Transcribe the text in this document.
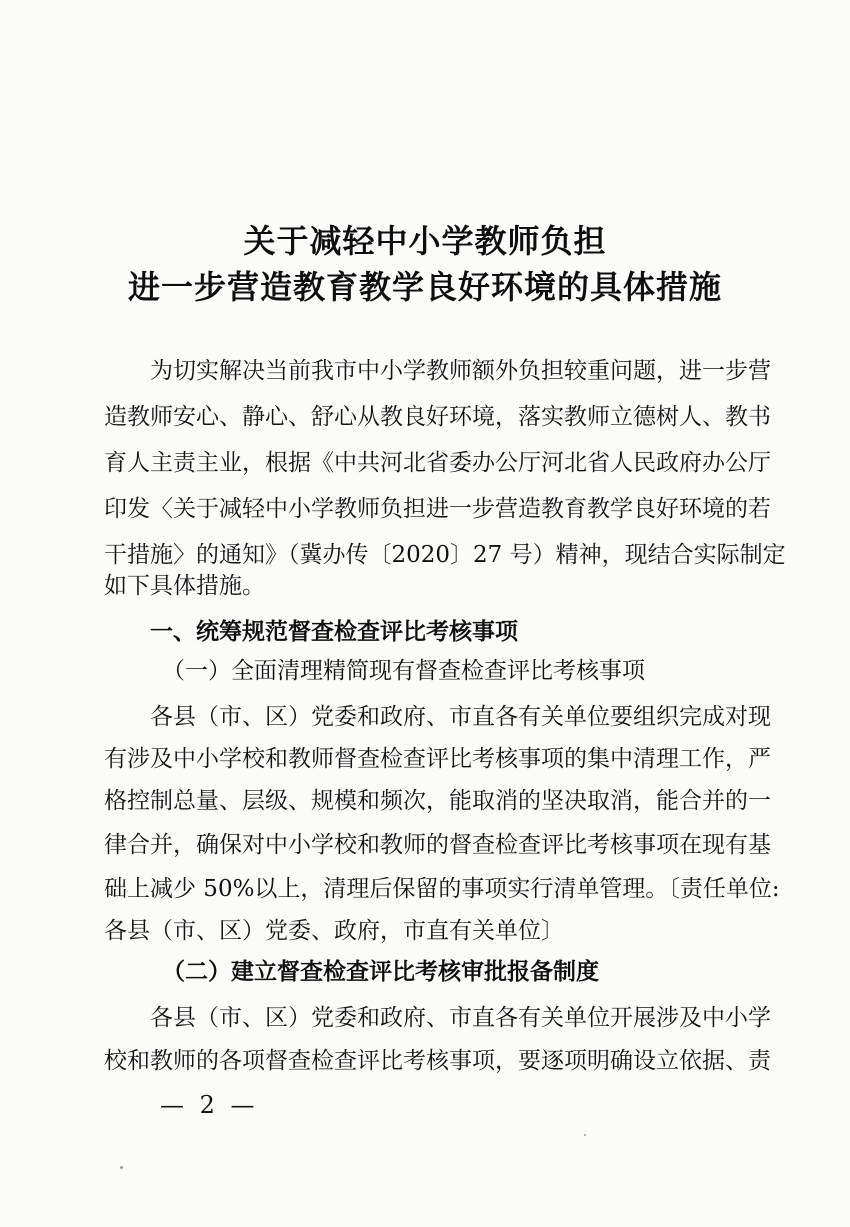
关于减轻中小学教师负担
进一步营造教育教学良好环境的具体措施
为切实解决当前我市中小学教师额外负担较重问题，进一步营
造教师安心、静心、舒心从教良好环境，落实教师立德树人、教书
育人主责主业，根据《中共河北省委办公厅河北省人民政府办公厅
印发〈关于减轻中小学教师负担进一步营造教育教学良好环境的若
干措施〉的通知》（冀办传〔2020〕27 号）精神，现结合实际制定
如下具体措施。
一、统筹规范督查检查评比考核事项
（一）全面清理精简现有督查检查评比考核事项
各县（市、区）党委和政府、市直各有关单位要组织完成对现
有涉及中小学校和教师督查检查评比考核事项的集中清理工作，严
格控制总量、层级、规模和频次，能取消的坚决取消，能合并的一
律合并，确保对中小学校和教师的督查检查评比考核事项在现有基
础上减少 50%以上，清理后保留的事项实行清单管理。〔责任单位:
各县（市、区）党委、政府，市直有关单位〕
（二）建立督查检查评比考核审批报备制度
各县（市、区）党委和政府、市直各有关单位开展涉及中小学
校和教师的各项督查检查评比考核事项，要逐项明确设立依据、责
— 2 —
